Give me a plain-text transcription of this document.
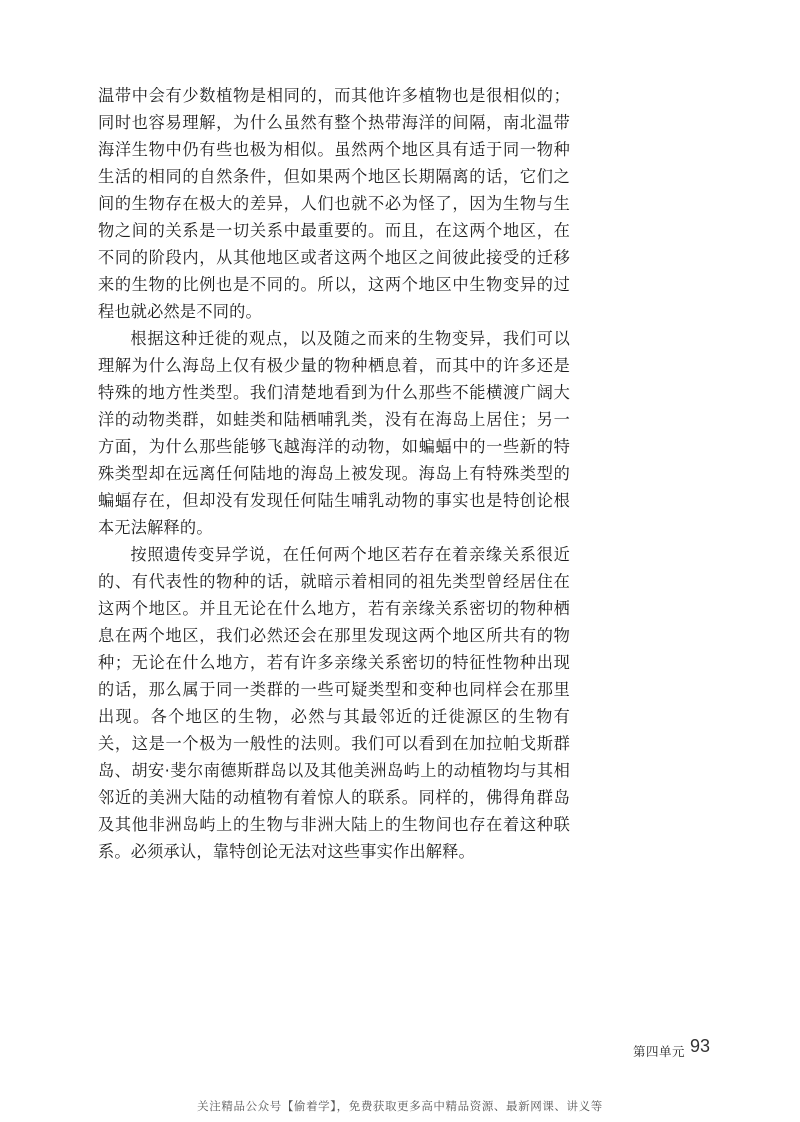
温带中会有少数植物是相同的，而其他许多植物也是很相似的；同时也容易理解，为什么虽然有整个热带海洋的间隔，南北温带海洋生物中仍有些也极为相似。虽然两个地区具有适于同一物种生活的相同的自然条件，但如果两个地区长期隔离的话，它们之间的生物存在极大的差异，人们也就不必为怪了，因为生物与生物之间的关系是一切关系中最重要的。而且，在这两个地区，在不同的阶段内，从其他地区或者这两个地区之间彼此接受的迁移来的生物的比例也是不同的。所以，这两个地区中生物变异的过程也就必然是不同的。

根据这种迁徙的观点，以及随之而来的生物变异，我们可以理解为什么海岛上仅有极少量的物种栖息着，而其中的许多还是特殊的地方性类型。我们清楚地看到为什么那些不能横渡广阔大洋的动物类群，如蛙类和陆栖哺乳类，没有在海岛上居住；另一方面，为什么那些能够飞越海洋的动物，如蝙蝠中的一些新的特殊类型却在远离任何陆地的海岛上被发现。海岛上有特殊类型的蝙蝠存在，但却没有发现任何陆生哺乳动物的事实也是特创论根本无法解释的。

按照遗传变异学说，在任何两个地区若存在着亲缘关系很近的、有代表性的物种的话，就暗示着相同的祖先类型曾经居住在这两个地区。并且无论在什么地方，若有亲缘关系密切的物种栖息在两个地区，我们必然还会在那里发现这两个地区所共有的物种；无论在什么地方，若有许多亲缘关系密切的特征性物种出现的话，那么属于同一类群的一些可疑类型和变种也同样会在那里出现。各个地区的生物，必然与其最邻近的迁徙源区的生物有关，这是一个极为一般性的法则。我们可以看到在加拉帕戈斯群岛、胡安·斐尔南德斯群岛以及其他美洲岛屿上的动植物均与其相邻近的美洲大陆的动植物有着惊人的联系。同样的，佛得角群岛及其他非洲岛屿上的生物与非洲大陆上的生物间也存在着这种联系。必须承认，靠特创论无法对这些事实作出解释。

第四单元 93
关注精品公众号【偷着学】，免费获取更多高中精品资源、最新网课、讲义等
